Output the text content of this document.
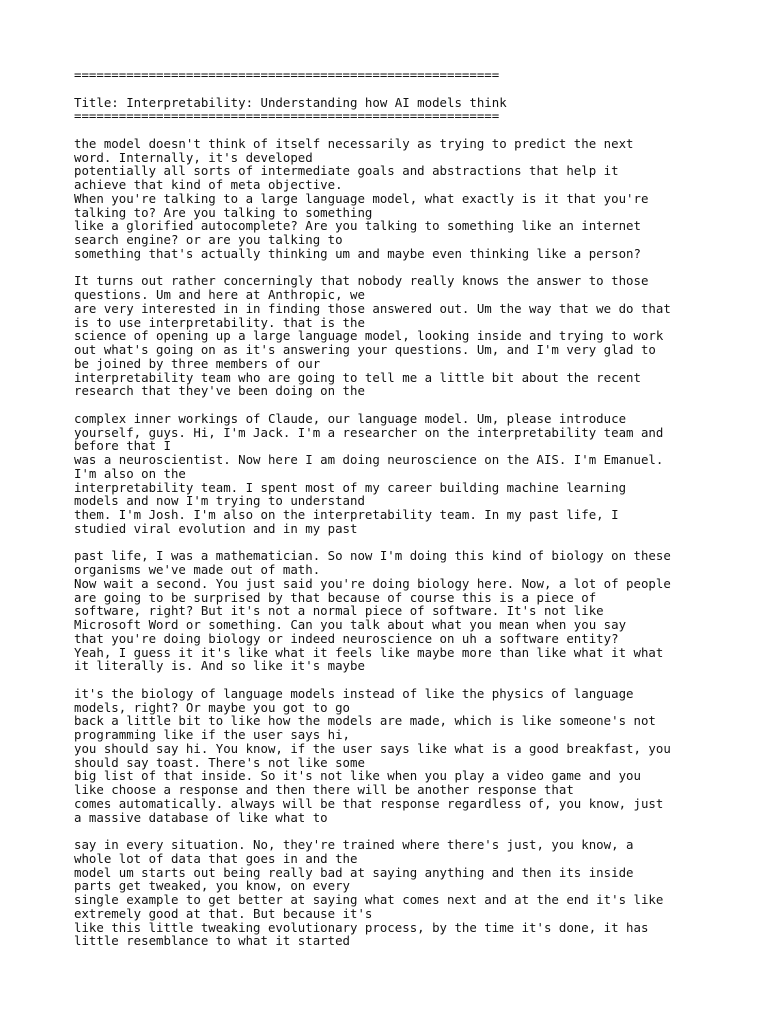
=========================================================
Title: Interpretability: Understanding how AI models think
=========================================================
the model doesn't think of itself necessarily as trying to predict the next
word. Internally, it's developed
potentially all sorts of intermediate goals and abstractions that help it
achieve that kind of meta objective.
When you're talking to a large language model, what exactly is it that you're
talking to? Are you talking to something
like a glorified autocomplete? Are you talking to something like an internet
search engine? or are you talking to
something that's actually thinking um and maybe even thinking like a person?
It turns out rather concerningly that nobody really knows the answer to those
questions. Um and here at Anthropic, we
are very interested in in finding those answered out. Um the way that we do that
is to use interpretability. that is the
science of opening up a large language model, looking inside and trying to work
out what's going on as it's answering your questions. Um, and I'm very glad to
be joined by three members of our
interpretability team who are going to tell me a little bit about the recent
research that they've been doing on the
complex inner workings of Claude, our language model. Um, please introduce
yourself, guys. Hi, I'm Jack. I'm a researcher on the interpretability team and
before that I
was a neuroscientist. Now here I am doing neuroscience on the AIS. I'm Emanuel.
I'm also on the
interpretability team. I spent most of my career building machine learning
models and now I'm trying to understand
them. I'm Josh. I'm also on the interpretability team. In my past life, I
studied viral evolution and in my past
past life, I was a mathematician. So now I'm doing this kind of biology on these
organisms we've made out of math.
Now wait a second. You just said you're doing biology here. Now, a lot of people
are going to be surprised by that because of course this is a piece of
software, right? But it's not a normal piece of software. It's not like
Microsoft Word or something. Can you talk about what you mean when you say
that you're doing biology or indeed neuroscience on uh a software entity?
Yeah, I guess it it's like what it feels like maybe more than like what it what
it literally is. And so like it's maybe
it's the biology of language models instead of like the physics of language
models, right? Or maybe you got to go
back a little bit to like how the models are made, which is like someone's not
programming like if the user says hi,
you should say hi. You know, if the user says like what is a good breakfast, you
should say toast. There's not like some
big list of that inside. So it's not like when you play a video game and you
like choose a response and then there will be another response that
comes automatically. always will be that response regardless of, you know, just
a massive database of like what to
say in every situation. No, they're trained where there's just, you know, a
whole lot of data that goes in and the
model um starts out being really bad at saying anything and then its inside
parts get tweaked, you know, on every
single example to get better at saying what comes next and at the end it's like
extremely good at that. But because it's
like this little tweaking evolutionary process, by the time it's done, it has
little resemblance to what it started
